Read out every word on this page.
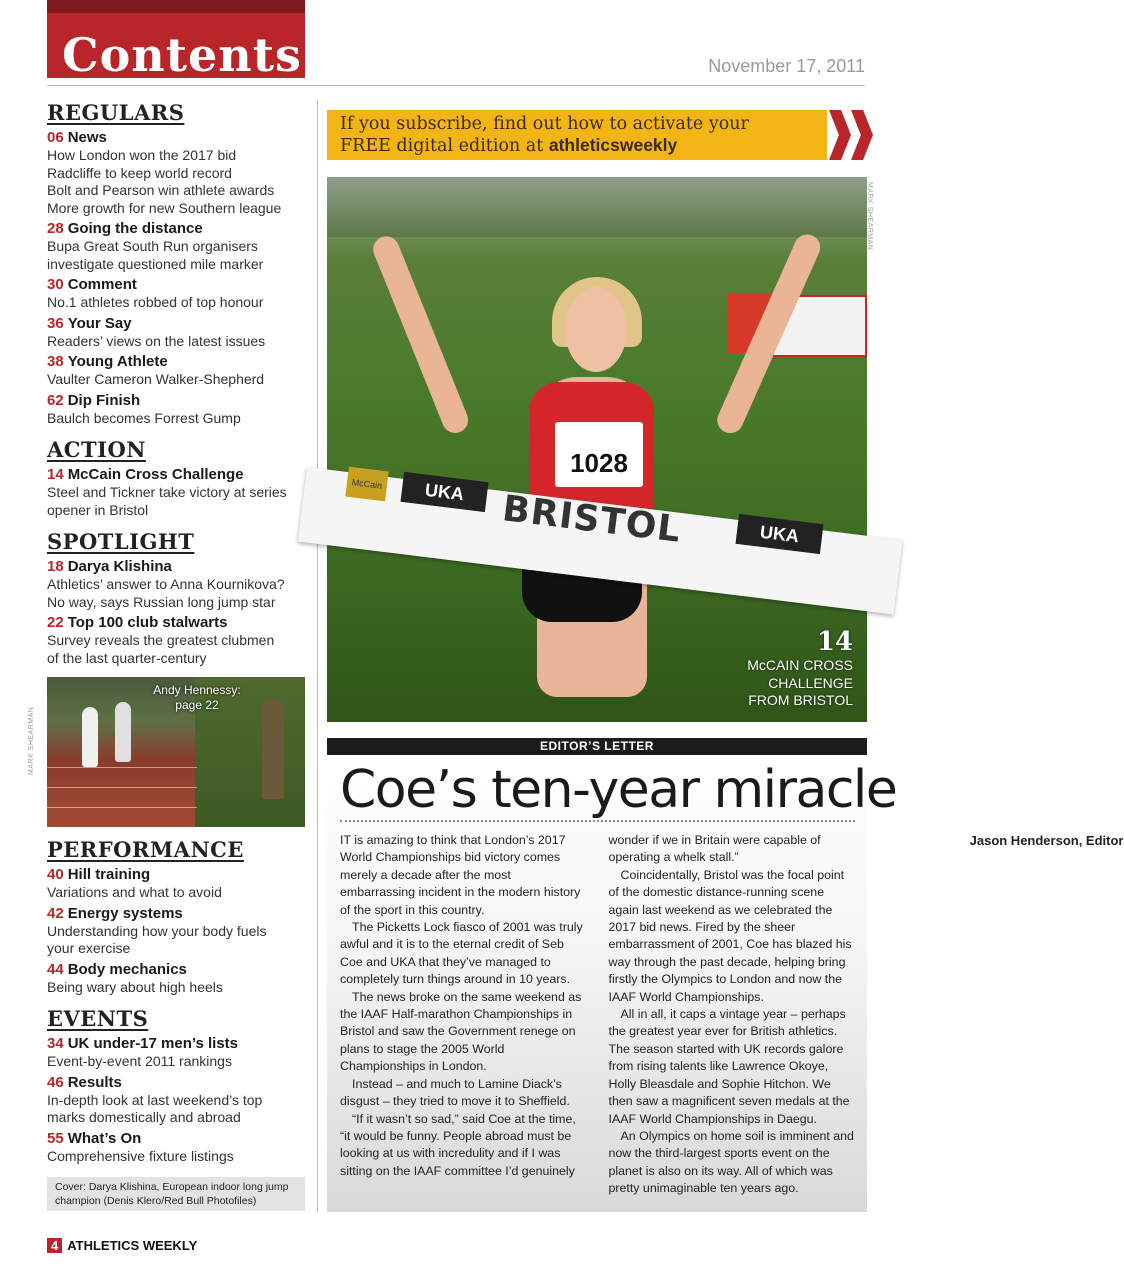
Contents	November 17, 2011
REGULARS
06 News
How London won the 2017 bid
Radcliffe to keep world record
Bolt and Pearson win athlete awards
More growth for new Southern league
28 Going the distance
Bupa Great South Run organisers
investigate questioned mile marker
30 Comment
No.1 athletes robbed of top honour
36 Your Say
Readers’ views on the latest issues
38 Young Athlete
Vaulter Cameron Walker-Shepherd
62 Dip Finish
Baulch becomes Forrest Gump
ACTION
14 McCain Cross Challenge
Steel and Tickner take victory at series
opener in Bristol
SPOTLIGHT
18 Darya Klishina
Athletics’ answer to Anna Kournikova?
No way, says Russian long jump star
22 Top 100 club stalwarts
Survey reveals the greatest clubmen
of the last quarter-century
Andy Hennessy:
page 22
PERFORMANCE
40 Hill training
Variations and what to avoid
42 Energy systems
Understanding how your body fuels
your exercise
44 Body mechanics
Being wary about high heels
EVENTS
34 UK under-17 men’s lists
Event-by-event 2011 rankings
46 Results
In-depth look at last weekend’s top
marks domestically and abroad
55 What’s On
Comprehensive fixture listings
MARK SHEARMAN
Cover: Darya Klishina, European indoor long jump
champion (Denis Klero/Red Bull Photofiles)
If you subscribe, find out how to activate your
FREE digital edition at athleticsweekly
1028
UKA
UKA
McCain
BRISTOL
14
McCAIN CROSS
CHALLENGE
FROM BRISTOL
MARK SHEARMAN
EDITOR’S LETTER
Coe’s ten-year miracle

IT is amazing to think that London’s 2017 World Championships bid victory comes merely a decade after the most embarrassing incident in the modern history of the sport in this country.

The Picketts Lock fiasco of 2001 was truly awful and it is to the eternal credit of Seb Coe and UKA that they’ve managed to completely turn things around in 10 years.

The news broke on the same weekend as the IAAF Half-marathon Championships in Bristol and saw the Government renege on plans to stage the 2005 World Championships in London.

Instead – and much to Lamine Diack’s disgust – they tried to move it to Sheffield.

“If it wasn’t so sad,” said Coe at the time, “it would be funny. People abroad must be looking at us with incredulity and if I was sitting on the IAAF committee I’d genuinely wonder if we in Britain were capable of operating a whelk stall.”

Coincidentally, Bristol was the focal point of the domestic distance-running scene again last weekend as we celebrated the 2017 bid news. Fired by the sheer embarrassment of 2001, Coe has blazed his way through the past decade, helping bring firstly the Olympics to London and now the IAAF World Championships.

All in all, it caps a vintage year – perhaps the greatest year ever for British athletics. The season started with UK records galore from rising talents like Lawrence Okoye, Holly Bleasdale and Sophie Hitchon. We then saw a magnificent seven medals at the IAAF World Championships in Daegu.

An Olympics on home soil is imminent and now the third-largest sports event on the planet is also on its way. All of which was pretty unimaginable ten years ago.

Jason Henderson, Editor
4 ATHLETICS WEEKLY
